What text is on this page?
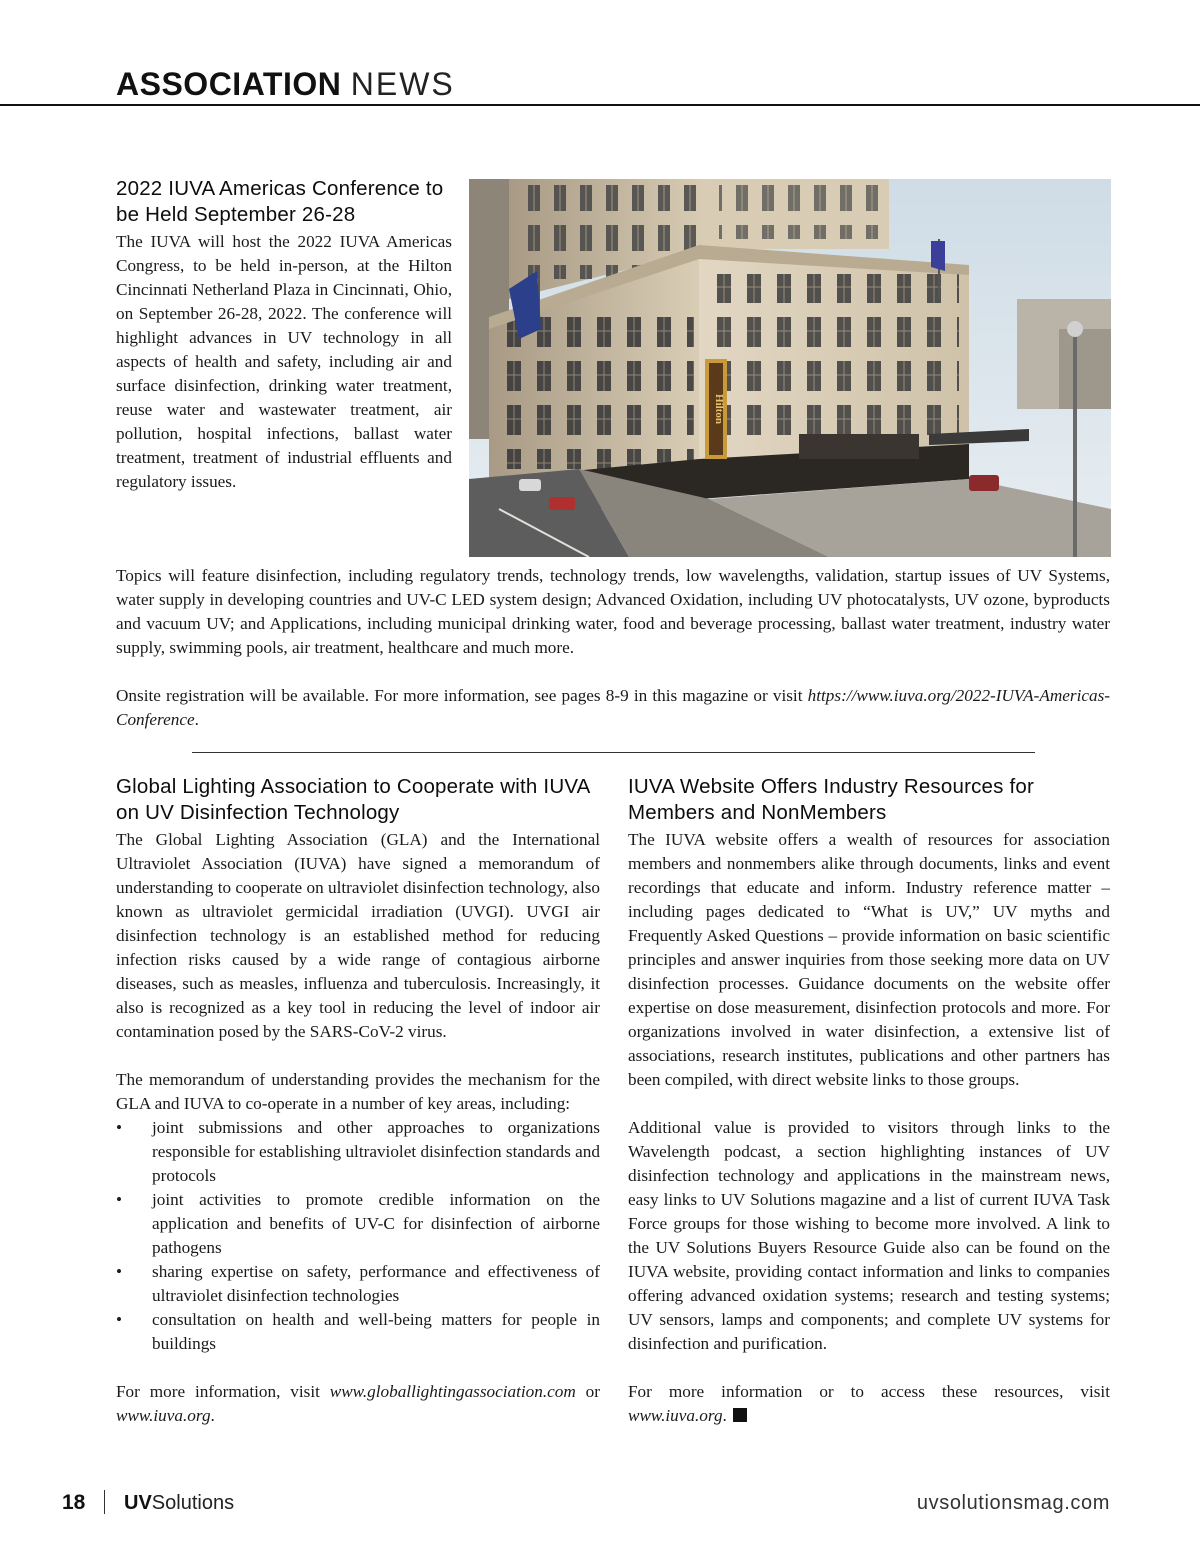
ASSOCIATION NEWS
2022 IUVA Americas Conference to be Held September 26-28

The IUVA will host the 2022 IUVA Americas Congress, to be held in-person, at the Hilton Cincinnati Netherland Plaza in Cincinnati, Ohio, on September 26-28, 2022. The conference will highlight advances in UV technology in all aspects of health and safety, including air and surface disinfection, drinking water treatment, reuse water and wastewater treatment, air pollution, hospital infections, ballast water treatment, treatment of industrial effluents and regulatory issues.

Hilton

Topics will feature disinfection, including regulatory trends, technology trends, low wavelengths, validation, startup issues of UV Systems, water supply in developing countries and UV-C LED system design; Advanced Oxidation, including UV photocatalysts, UV ozone, byproducts and vacuum UV; and Applications, including municipal drinking water, food and beverage processing, ballast water treatment, industry water supply, swimming pools, air treatment, healthcare and much more.

Onsite registration will be available. For more information, see pages 8-9 in this magazine or visit https://www.iuva.org/2022-IUVA-Americas-Conference.

Global Lighting Association to Cooperate with IUVA on UV Disinfection Technology

The Global Lighting Association (GLA) and the International Ultraviolet Association (IUVA) have signed a memorandum of understanding to cooperate on ultraviolet disinfection technology, also known as ultraviolet germicidal irradiation (UVGI). UVGI air disinfection technology is an established method for reducing infection risks caused by a wide range of contagious airborne diseases, such as measles, influenza and tuberculosis. Increasingly, it also is recognized as a key tool in reducing the level of indoor air contamination posed by the SARS-CoV-2 virus.

The memorandum of understanding provides the mechanism for the GLA and IUVA to co-operate in a number of key areas, including:
• joint submissions and other approaches to organizations responsible for establishing ultraviolet disinfection standards and protocols
• joint activities to promote credible information on the application and benefits of UV-C for disinfection of airborne pathogens
• sharing expertise on safety, performance and effectiveness of ultraviolet disinfection technologies
• consultation on health and well-being matters for people in buildings

For more information, visit www.globallightingassociation.com or www.iuva.org.

IUVA Website Offers Industry Resources for Members and NonMembers

The IUVA website offers a wealth of resources for association members and nonmembers alike through documents, links and event recordings that educate and inform. Industry reference matter – including pages dedicated to “What is UV,” UV myths and Frequently Asked Questions – provide information on basic scientific principles and answer inquiries from those seeking more data on UV disinfection processes. Guidance documents on the website offer expertise on dose measurement, disinfection protocols and more. For organizations involved in water disinfection, a extensive list of associations, research institutes, publications and other partners has been compiled, with direct website links to those groups.

Additional value is provided to visitors through links to the Wavelength podcast, a section highlighting instances of UV disinfection technology and applications in the mainstream news, easy links to UV Solutions magazine and a list of current IUVA Task Force groups for those wishing to become more involved. A link to the UV Solutions Buyers Resource Guide also can be found on the IUVA website, providing contact information and links to companies offering advanced oxidation systems; research and testing systems; UV sensors, lamps and components; and complete UV systems for disinfection and purification.

For more information or to access these resources, visit www.iuva.org.

18 UVSolutions	uvsolutionsmag.com
